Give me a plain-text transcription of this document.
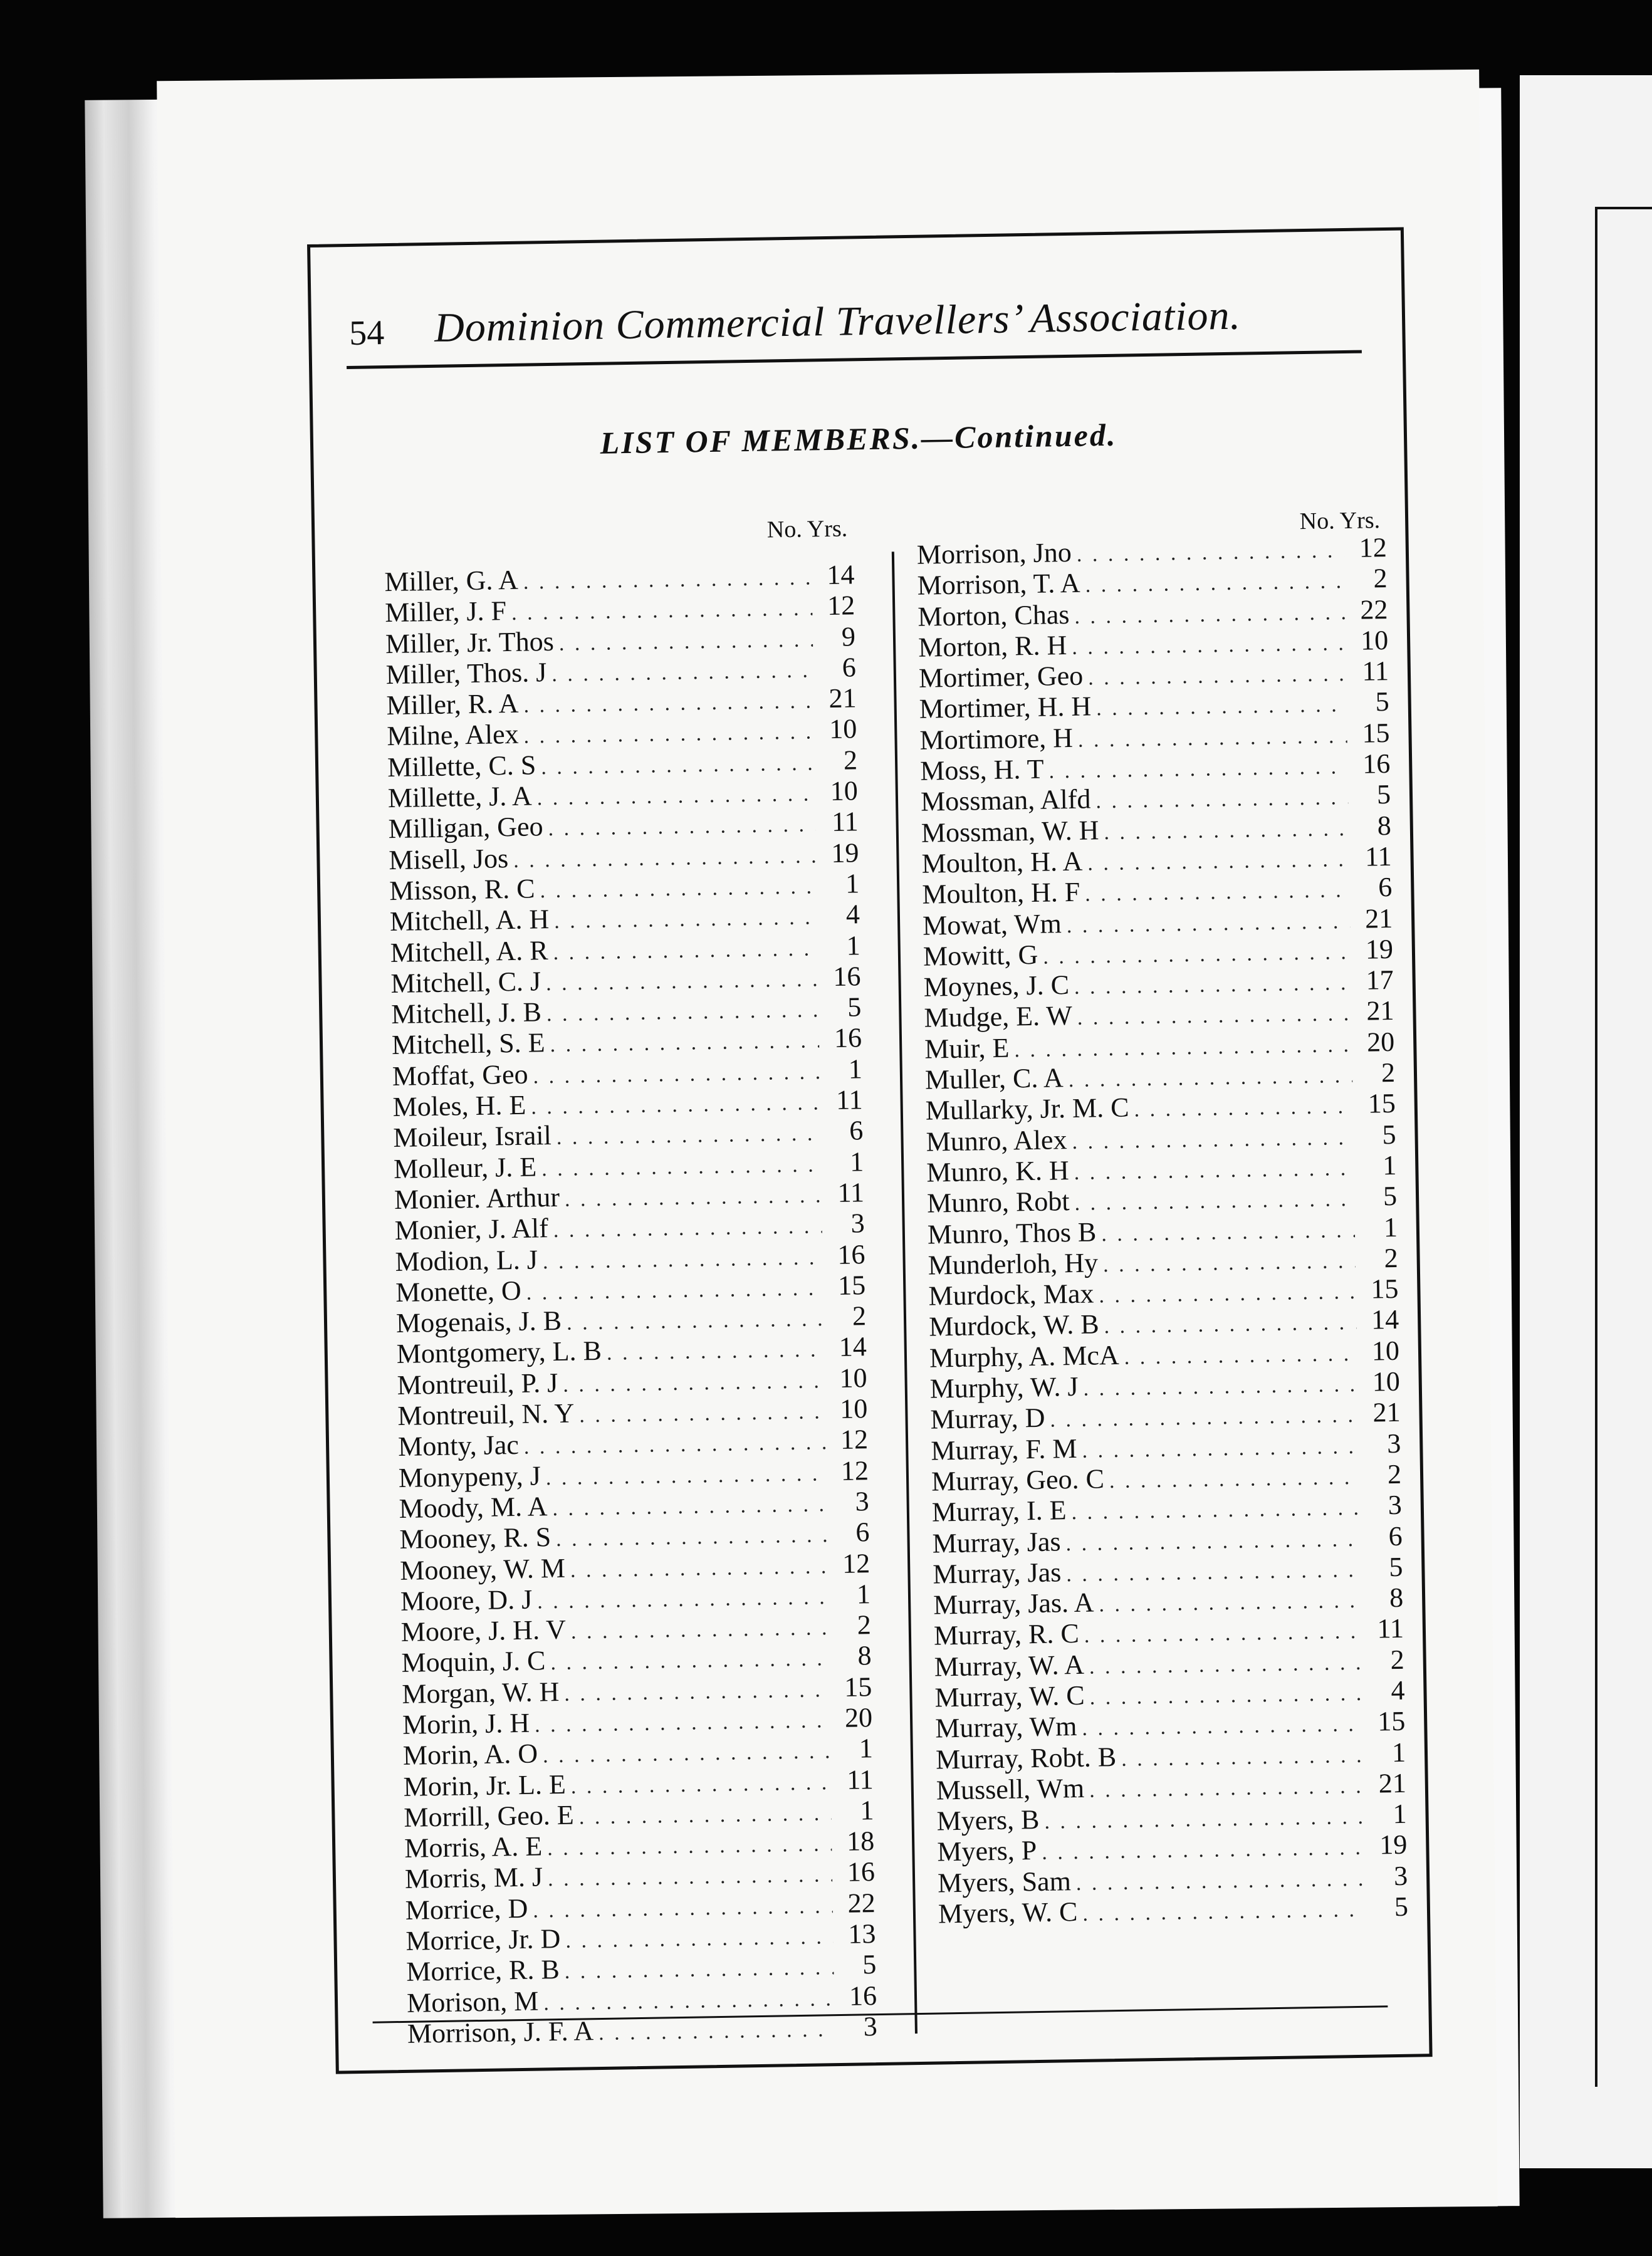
54 Dominion Commercial Travellers’ Association.
LIST OF MEMBERS.—Continued.
No. Yrs.
Miller, G. A . . .	14
Miller, J. F . . .	12
Miller, Jr. Thos . . .	9
Miller, Thos. J . . .	6
Miller, R. A . . .	21
Milne, Alex . . .	10
Millette, C. S . . .	2
Millette, J. A . . .	10
Milligan, Geo . . .	11
Misell, Jos . . .	19
Misson, R. C . . .	1
Mitchell, A. H . . .	4
Mitchell, A. R . . .	1
Mitchell, C. J . . .	16
Mitchell, J. B . . .	5
Mitchell, S. E . . .	16
Moffat, Geo . . .	1
Moles, H. E . . .	11
Moileur, Israil . . .	6
Molleur, J. E . . .	1
Monier. Arthur . . .	11
Monier, J. Alf . . .	3
Modion, L. J . . .	16
Monette, O . . .	15
Mogenais, J. B . . .	2
Montgomery, L. B . . .	14
Montreuil, P. J . . .	10
Montreuil, N. Y . . .	10
Monty, Jac . . .	12
Monypeny, J . . .	12
Moody, M. A . . .	3
Mooney, R. S . . .	6
Mooney, W. M . . .	12
Moore, D. J . . .	1
Moore, J. H. V . . .	2
Moquin, J. C . . .	8
Morgan, W. H . . .	15
Morin, J. H . . .	20
Morin, A. O . . .	1
Morin, Jr. L. E . . .	11
Morrill, Geo. E . . .	1
Morris, A. E . . .	18
Morris, M. J . . .	16
Morrice, D . . .	22
Morrice, Jr. D . . .	13
Morrice, R. B . . .	5
Morison, M . . .	16
Morrison, J. F. A . . .	3
No. Yrs.
Morrison, Jno . . .	12
Morrison, T. A . . .	2
Morton, Chas . . .	22
Morton, R. H . . .	10
Mortimer, Geo . . .	11
Mortimer, H. H . . .	5
Mortimore, H . . .	15
Moss, H. T . . .	16
Mossman, Alfd . . .	5
Mossman, W. H . . .	8
Moulton, H. A . . .	11
Moulton, H. F . . .	6
Mowat, Wm . . .	21
Mowitt, G . . .	19
Moynes, J. C . . .	17
Mudge, E. W . . .	21
Muir, E . . .	20
Muller, C. A . . .	2
Mullarky, Jr. M. C . . .	15
Munro, Alex . . .	5
Munro, K. H . . .	1
Munro, Robt . . .	5
Munro, Thos B . . .	1
Munderloh, Hy . . .	2
Murdock, Max . . .	15
Murdock, W. B . . .	14
Murphy, A. McA . . .	10
Murphy, W. J . . .	10
Murray, D . . .	21
Murray, F. M . . .	3
Murray, Geo. C . . .	2
Murray, I. E . . .	3
Murray, Jas . . .	6
Murray, Jas . . .	5
Murray, Jas. A . . .	8
Murray, R. C . . .	11
Murray, W. A . . .	2
Murray, W. C . . .	4
Murray, Wm . . .	15
Murray, Robt. B . . .	1
Mussell, Wm . . .	21
Myers, B . . .	1
Myers, P . . .	19
Myers, Sam . . .	3
Myers, W. C . . .	5
